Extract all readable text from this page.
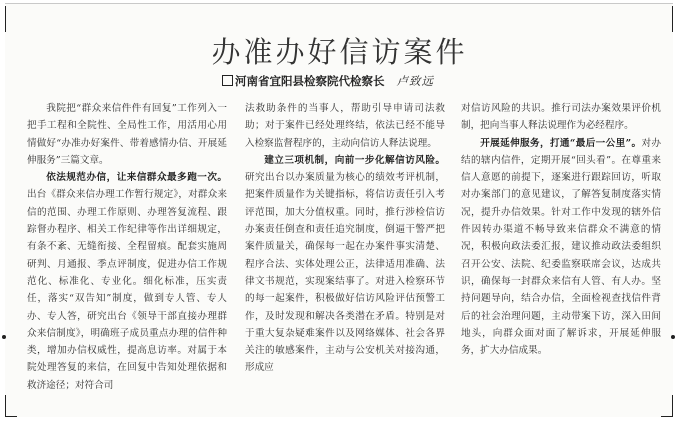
办准办好信访案件
河南省宜阳县检察院代检察长 卢致远

我院把“群众来信件件有回复”工作列入一把手工程和全院性、全局性工作，用活用心用情做好“办准办好案件、带着感情办信、开展延伸服务”三篇文章。

依法规范办信，让来信群众最多跑一次。出台《群众来信办理工作暂行规定》，对群众来信的范围、办理工作原则、办理答复流程、跟踪督办程序、相关工作纪律等作出详细规定，有条不紊、无缝衔接、全程留痕。配套实施周研判、月通报、季点评制度，促进办信工作规范化、标准化、专业化。细化标准，压实责任，落实“双告知”制度，做到专人管、专人办、专人答，研究出台《领导干部直接办理群众来信制度》，明确班子成员重点办理的信件种类，增加办信权威性，提高息访率。对属于本院处理答复的来信，在回复中告知处理依据和救济途径；对符合司

法救助条件的当事人，帮助引导申请司法救助；对于案件已经处理终结，依法已经不能导入检察监督程序的，主动向信访人释法说理。

建立三项机制，向前一步化解信访风险。研究出台以办案质量为核心的绩效考评机制，把案件质量作为关键指标，将信访责任引入考评范围，加大分值权重。同时，推行涉检信访办案责任倒查和责任追究制度，倒逼干警严把案件质量关，确保每一起在办案件事实清楚、程序合法、实体处理公正，法律适用准确、法律文书规范，实现案结事了。对进入检察环节的每一起案件，积极做好信访风险评估预警工作，及时发现和解决各类潜在矛盾。特别是对于重大复杂疑难案件以及网络媒体、社会各界关注的敏感案件，主动与公安机关对接沟通，形成应

对信访风险的共识。推行司法办案效果评价机制，把向当事人释法说理作为必经程序。

开展延伸服务，打通“最后一公里”。对办结的辖内信件，定期开展“回头看”。在尊重来信人意愿的前提下，逐案进行跟踪回访，听取对办案部门的意见建议，了解答复制度落实情况，提升办信效果。针对工作中发现的辖外信件因转办渠道不畅导致来信群众不满意的情况，积极向政法委汇报，建议推动政法委组织召开公安、法院、纪委监察联席会议，达成共识，确保每一封群众来信有人管、有人办。坚持问题导向，结合办信，全面检视查找信件背后的社会治理问题，主动带案下访，深入田间地头，向群众面对面了解诉求，开展延伸服务，扩大办信成果。
